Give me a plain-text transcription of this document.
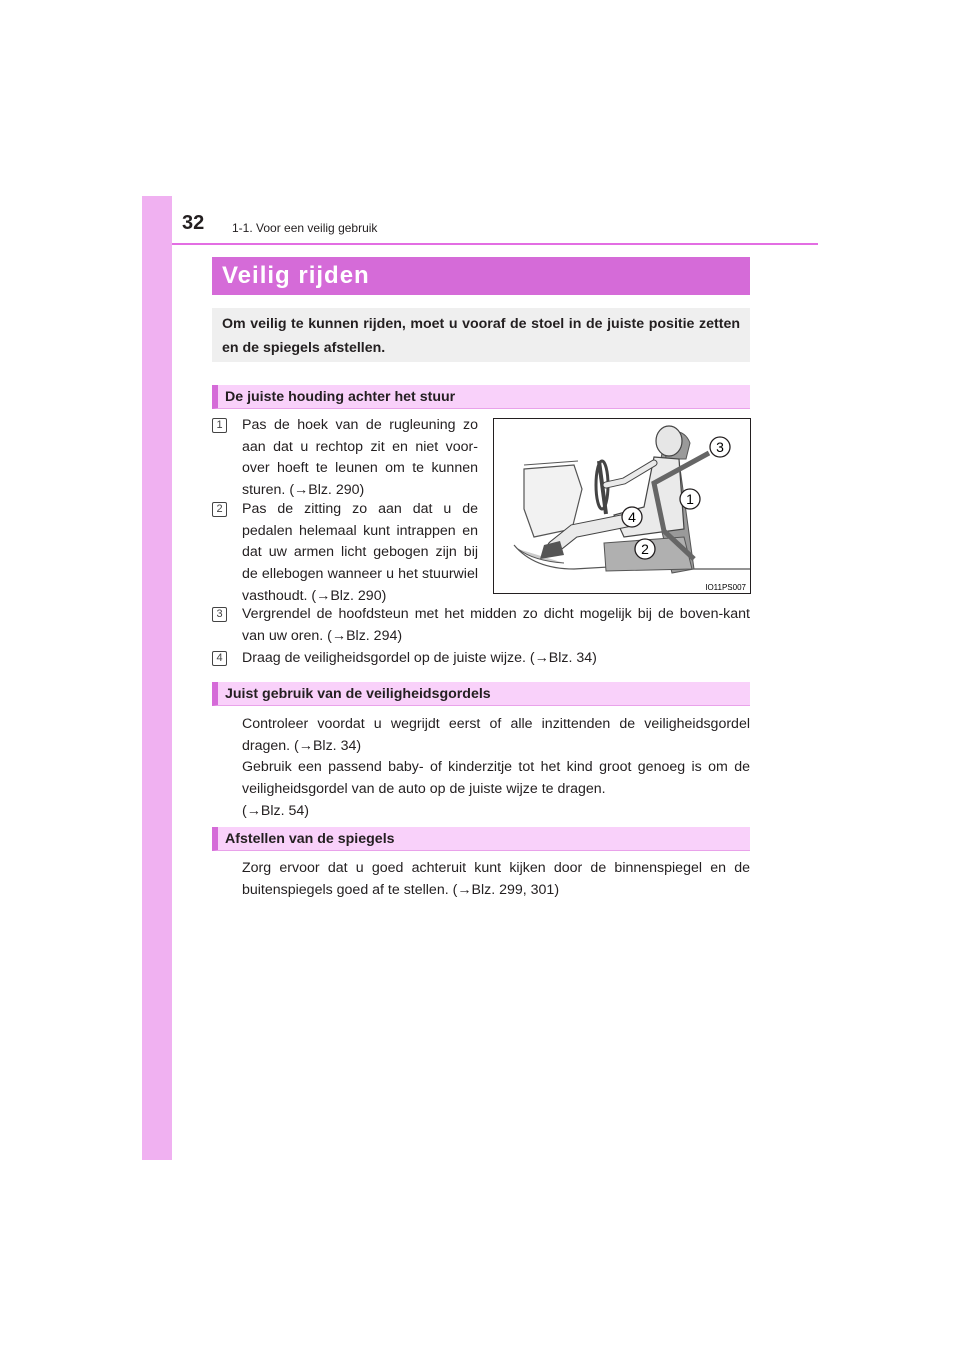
32 1-1. Voor een veilig gebruik
Veilig rijden
Om veilig te kunnen rijden, moet u vooraf de stoel in de juiste positie zetten en de spiegels afstellen.
De juiste houding achter het stuur
1	Pas de hoek van de rugleuning zo aan dat u rechtop zit en niet voor-over hoeft te leunen om te kunnen sturen. (→Blz. 290)
2	Pas de zitting zo aan dat u de pedalen helemaal kunt intrappen en dat uw armen licht gebogen zijn bij de ellebogen wanneer u het stuurwiel vasthoudt. (→Blz. 290)
3
1
4
2
IO11PS007
3	Vergrendel de hoofdsteun met het midden zo dicht mogelijk bij de boven-kant van uw oren. (→Blz. 294)
4	Draag de veiligheidsgordel op de juiste wijze. (→Blz. 34)
Juist gebruik van de veiligheidsgordels
Controleer voordat u wegrijdt eerst of alle inzittenden de veiligheidsgordel
dragen. (→Blz. 34)
Gebruik een passend baby- of kinderzitje tot het kind groot genoeg is om de
veiligheidsgordel van de auto op de juiste wijze te dragen.
(→Blz. 54)
Afstellen van de spiegels
Zorg ervoor dat u goed achteruit kunt kijken door de binnenspiegel en de
buitenspiegels goed af te stellen. (→Blz. 299, 301)
